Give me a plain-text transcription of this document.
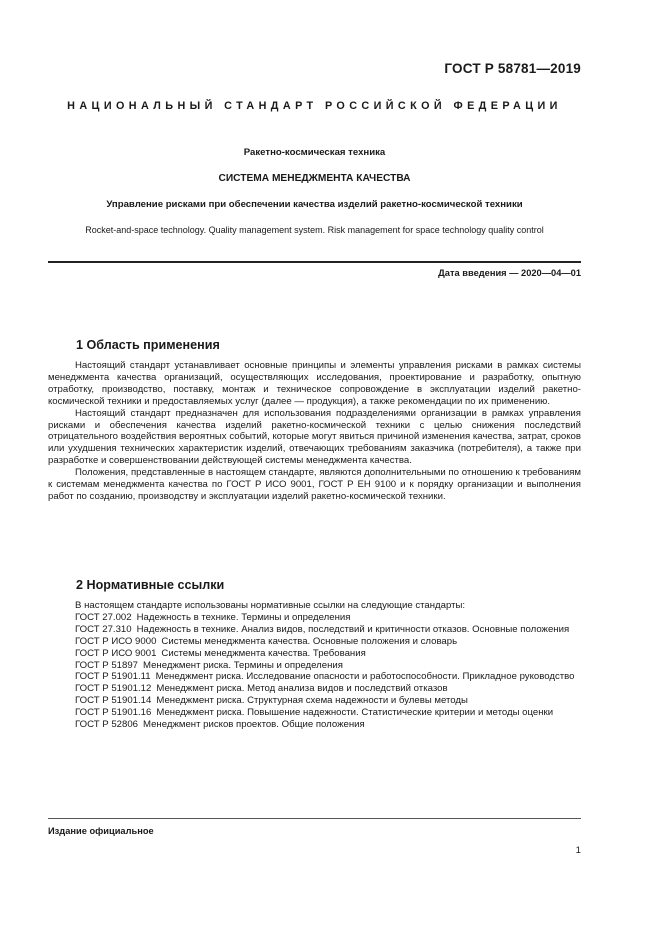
ГОСТ Р 58781—2019
НАЦИОНАЛЬНЫЙ СТАНДАРТ РОССИЙСКОЙ ФЕДЕРАЦИИ
Ракетно-космическая техника
СИСТЕМА МЕНЕДЖМЕНТА КАЧЕСТВА
Управление рисками при обеспечении качества изделий ракетно-космической техники
Rocket-and-space technology. Quality management system. Risk management for space technology quality control
Дата введения — 2020—04—01
1 Область применения

Настоящий стандарт устанавливает основные принципы и элементы управления рисками в рамках системы менеджмента качества организаций, осуществляющих исследования, проектирование и разработку, опытную отработку, производство, поставку, монтаж и техническое сопровождение в эксплуатации изделий ракетно-космической техники и предоставляемых услуг (далее — продукция), а также рекомендации по их применению.

Настоящий стандарт предназначен для использования подразделениями организации в рамках управления рисками и обеспечения качества изделий ракетно-космической техники с целью снижения последствий отрицательного воздействия вероятных событий, которые могут явиться причиной изменения качества, затрат, сроков или ухудшения технических характеристик изделий, отвечающих требованиям заказчика (потребителя), а также при разработке и совершенствовании действующей системы менеджмента качества.

Положения, представленные в настоящем стандарте, являются дополнительными по отношению к требованиям к системам менеджмента качества по ГОСТ Р ИСО 9001, ГОСТ Р ЕН 9100 и к порядку организации и выполнения работ по созданию, производству и эксплуатации изделий ракетно-космической техники.

2 Нормативные ссылки

В настоящем стандарте использованы нормативные ссылки на следующие стандарты:

ГОСТ 27.002 Надежность в технике. Термины и определения

ГОСТ 27.310 Надежность в технике. Анализ видов, последствий и критичности отказов. Основные положения

ГОСТ Р ИСО 9000 Системы менеджмента качества. Основные положения и словарь

ГОСТ Р ИСО 9001 Системы менеджмента качества. Требования

ГОСТ Р 51897 Менеджмент риска. Термины и определения

ГОСТ Р 51901.11 Менеджмент риска. Исследование опасности и работоспособности. Прикладное руководство

ГОСТ Р 51901.12 Менеджмент риска. Метод анализа видов и последствий отказов

ГОСТ Р 51901.14 Менеджмент риска. Структурная схема надежности и булевы методы

ГОСТ Р 51901.16 Менеджмент риска. Повышение надежности. Статистические критерии и методы оценки

ГОСТ Р 52806 Менеджмент рисков проектов. Общие положения

Издание официальное
1
